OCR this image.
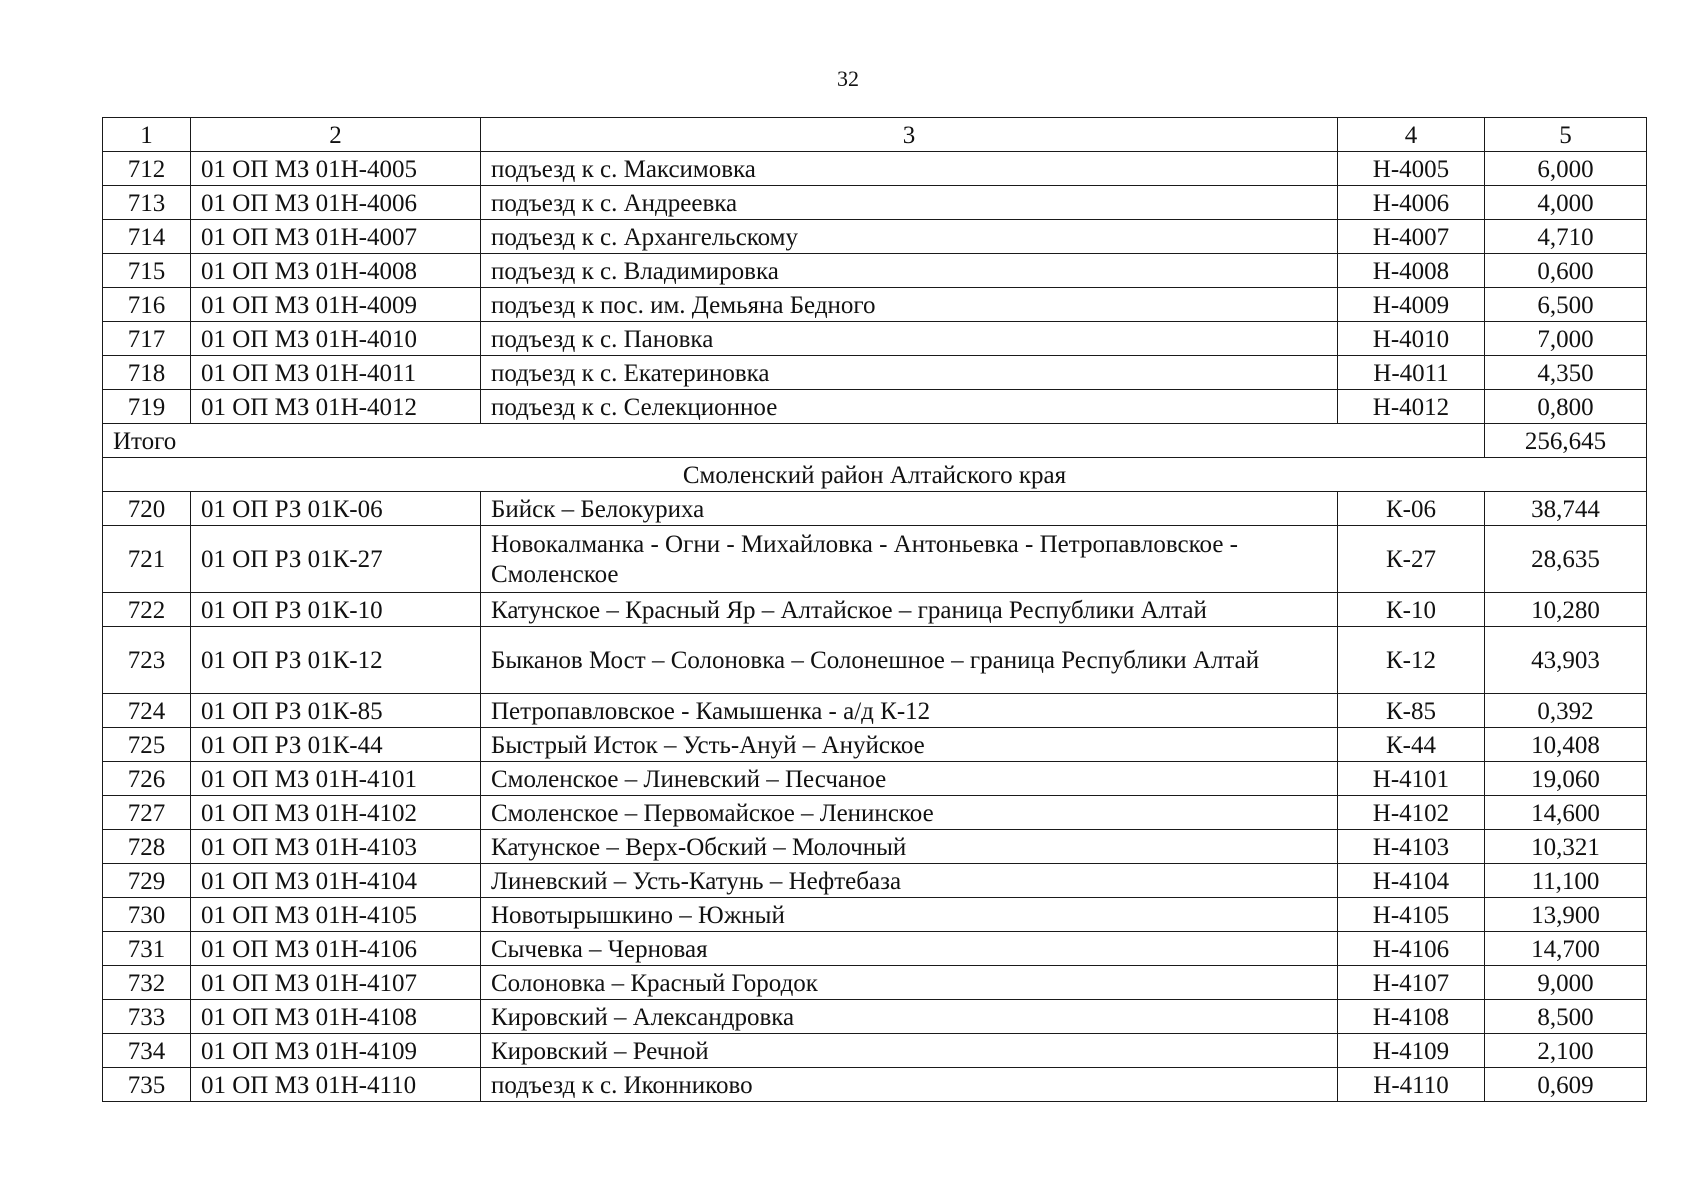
32
1	2	3	4	5
712	01 ОП МЗ 01Н-4005	подъезд к с. Максимовка	Н-4005	6,000
713	01 ОП МЗ 01Н-4006	подъезд к с. Андреевка	Н-4006	4,000
714	01 ОП МЗ 01Н-4007	подъезд к с. Архангельскому	Н-4007	4,710
715	01 ОП МЗ 01Н-4008	подъезд к с. Владимировка	Н-4008	0,600
716	01 ОП МЗ 01Н-4009	подъезд к пос. им. Демьяна Бедного	Н-4009	6,500
717	01 ОП МЗ 01Н-4010	подъезд к с. Пановка	Н-4010	7,000
718	01 ОП МЗ 01Н-4011	подъезд к с. Екатериновка	Н-4011	4,350
719	01 ОП МЗ 01Н-4012	подъезд к с. Селекционное	Н-4012	0,800
Итого				256,645
Смоленский район Алтайского края				
720	01 ОП РЗ 01К-06	Бийск – Белокуриха	К-06	38,744
721	01 ОП РЗ 01К-27	Новокалманка - Огни - Михайловка - Антоньевка - Петропавловское - Смоленское	К-27	28,635
722	01 ОП РЗ 01К-10	Катунское – Красный Яр – Алтайское – граница Республики Алтай	К-10	10,280
723	01 ОП РЗ 01К-12	Быканов Мост – Солоновка – Солонешное – граница Республики Алтай	К-12	43,903
724	01 ОП РЗ 01К-85	Петропавловское - Камышенка - а/д К-12	К-85	0,392
725	01 ОП РЗ 01К-44	Быстрый Исток – Усть-Ануй – Ануйское	К-44	10,408
726	01 ОП МЗ 01Н-4101	Смоленское – Линевский – Песчаное	Н-4101	19,060
727	01 ОП МЗ 01Н-4102	Смоленское – Первомайское – Ленинское	Н-4102	14,600
728	01 ОП МЗ 01Н-4103	Катунское – Верх-Обский – Молочный	Н-4103	10,321
729	01 ОП МЗ 01Н-4104	Линевский – Усть-Катунь – Нефтебаза	Н-4104	11,100
730	01 ОП МЗ 01Н-4105	Новотырышкино – Южный	Н-4105	13,900
731	01 ОП МЗ 01Н-4106	Сычевка – Черновая	Н-4106	14,700
732	01 ОП МЗ 01Н-4107	Солоновка – Красный Городок	Н-4107	9,000
733	01 ОП МЗ 01Н-4108	Кировский – Александровка	Н-4108	8,500
734	01 ОП МЗ 01Н-4109	Кировский – Речной	Н-4109	2,100
735	01 ОП МЗ 01Н-4110	подъезд к с. Иконниково	Н-4110	0,609
